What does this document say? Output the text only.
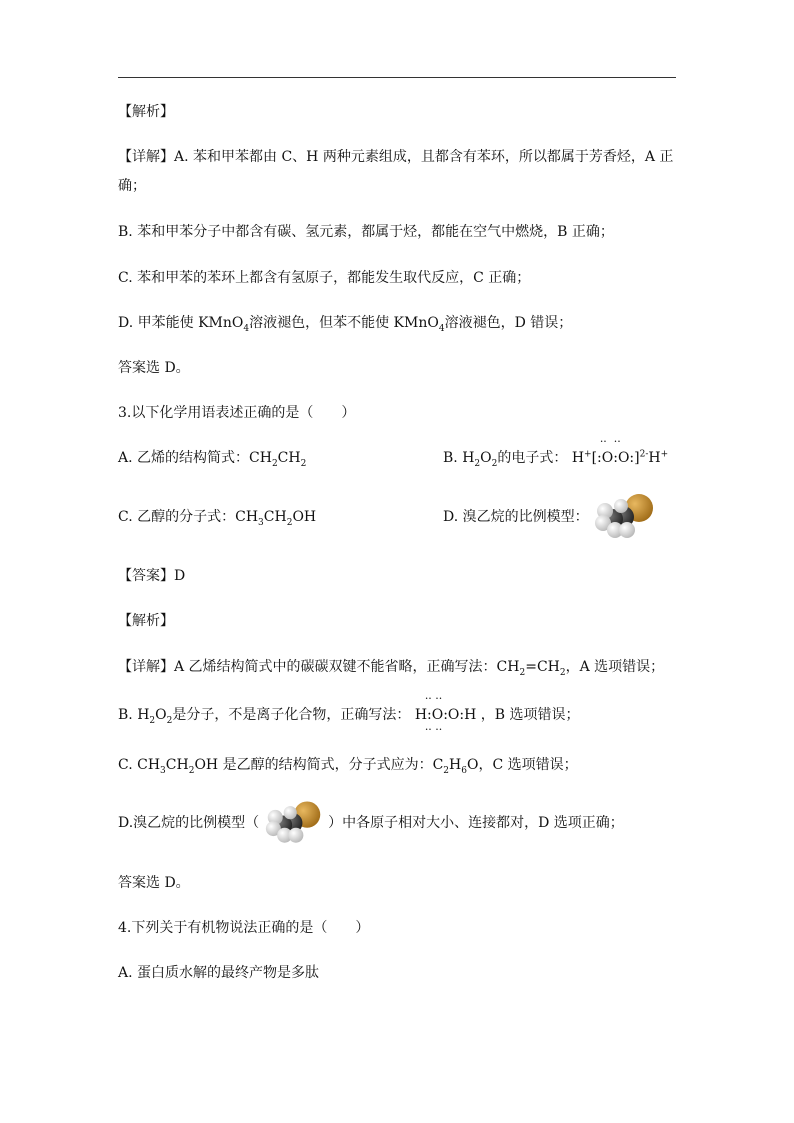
【解析】
【详解】A. 苯和甲苯都由 C、H 两种元素组成，且都含有苯环，所以都属于芳香烃，A 正
确；
B. 苯和甲苯分子中都含有碳、氢元素，都属于烃，都能在空气中燃烧，B 正确；
C. 苯和甲苯的苯环上都含有氢原子，都能发生取代反应，C 正确；
D. 甲苯能使 KMnO$_4$溶液褪色，但苯不能使 KMnO$_4$溶液褪色，D 错误；
答案选 D。
3.以下化学用语表述正确的是（　　）
A. 乙烯的结构简式：$CH_2CH_2$	B. $H_2O_2$的电子式：
··  ··
H+[:O:O:]$^{2-}$H+
C. 乙醇的分子式：$CH_3CH_2OH$	D. 溴乙烷的比例模型：
【答案】D
【解析】
【详解】A 乙烯结构简式中的碳碳双键不能省略，正确写法：$CH_2=CH_2$，A 选项错误；
B. $H_2O_2$是分子，不是离子化合物，正确写法：
·· ··
H:O:O:H
·· ··
，B 选项错误；
C. $CH_3CH_2OH$ 是乙醇的结构简式，分子式应为：$C_2H_6O$，C 选项错误；
D.溴乙烷的比例模型（	）中各原子相对大小、连接都对，D 选项正确；
答案选 D。
4.下列关于有机物说法正确的是（　　）
A. 蛋白质水解的最终产物是多肽
